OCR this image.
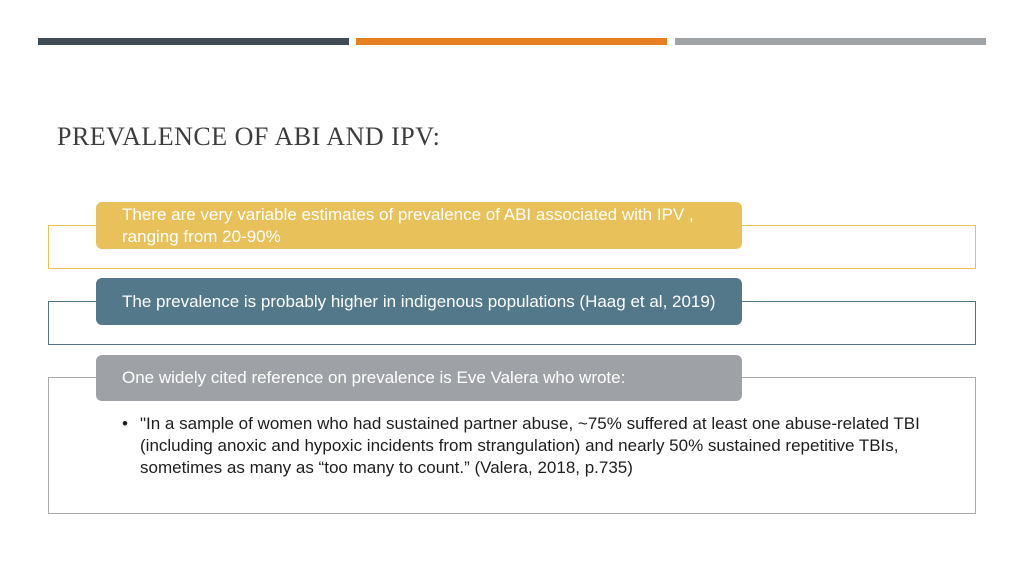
PREVALENCE OF ABI AND IPV:
There are very variable estimates of prevalence of ABI associated with IPV , ranging from 20-90%
The prevalence is probably higher in indigenous populations (Haag et al, 2019)
One widely cited reference on prevalence is Eve Valera who wrote:
• "In a sample of women who had sustained partner abuse, ~75% suffered at least one abuse-related TBI (including anoxic and hypoxic incidents from strangulation) and nearly 50% sustained repetitive TBIs, sometimes as many as “too many to count.” (Valera, 2018, p.735)
